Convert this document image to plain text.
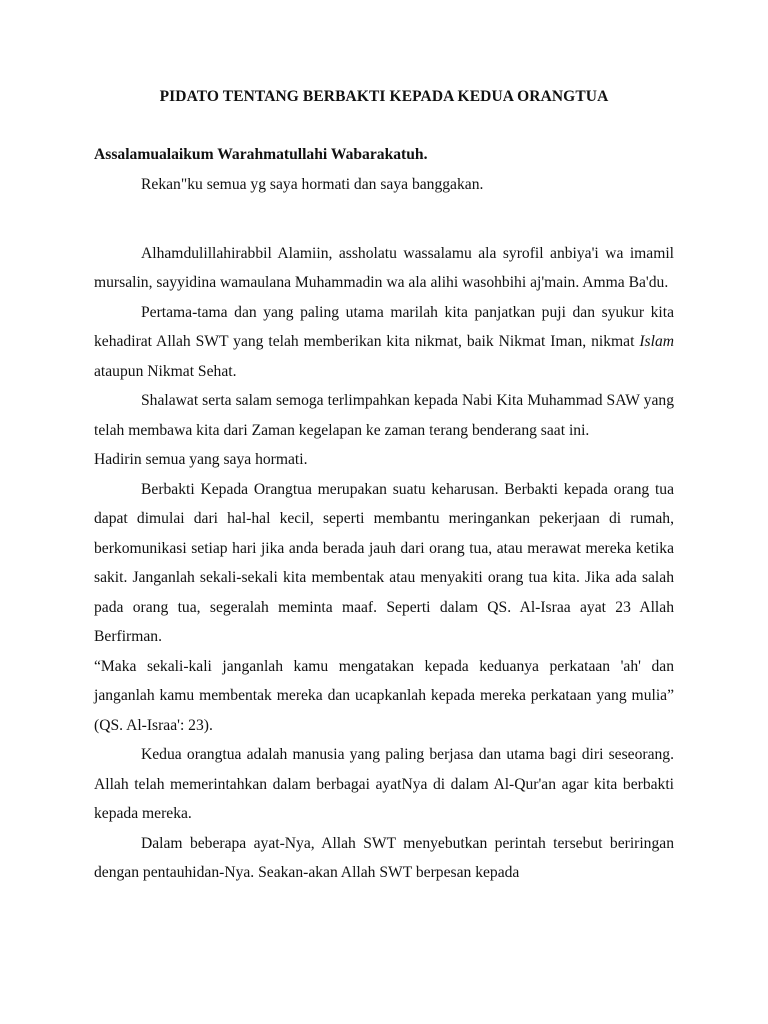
PIDATO TENTANG BERBAKTI KEPADA KEDUA ORANGTUA

Assalamualaikum Warahmatullahi Wabarakatuh.

Rekan"ku semua yg saya hormati dan saya banggakan.

Alhamdulillahirabbil Alamiin, assholatu wassalamu ala syrofil anbiya'i wa imamil mursalin, sayyidina wamaulana Muhammadin wa ala alihi wasohbihi aj'main. Amma Ba'du.

Pertama-tama dan yang paling utama marilah kita panjatkan puji dan syukur kita kehadirat Allah SWT yang telah memberikan kita nikmat, baik Nikmat Iman, nikmat Islam ataupun Nikmat Sehat.

Shalawat serta salam semoga terlimpahkan kepada Nabi Kita Muhammad SAW yang telah membawa kita dari Zaman kegelapan ke zaman terang benderang saat ini.

Hadirin semua yang saya hormati.

Berbakti Kepada Orangtua merupakan suatu keharusan. Berbakti kepada orang tua dapat dimulai dari hal-hal kecil, seperti membantu meringankan pekerjaan di rumah, berkomunikasi setiap hari jika anda berada jauh dari orang tua, atau merawat mereka ketika sakit. Janganlah sekali-sekali kita membentak atau menyakiti orang tua kita. Jika ada salah pada orang tua, segeralah meminta maaf. Seperti dalam QS. Al-Israa ayat 23 Allah Berfirman.

“Maka sekali-kali janganlah kamu mengatakan kepada keduanya perkataan 'ah' dan janganlah kamu membentak mereka dan ucapkanlah kepada mereka perkataan yang mulia” (QS. Al-Israa': 23).

Kedua orangtua adalah manusia yang paling berjasa dan utama bagi diri seseorang. Allah telah memerintahkan dalam berbagai ayatNya di dalam Al-Qur'an agar kita berbakti kepada mereka.

Dalam beberapa ayat-Nya, Allah SWT menyebutkan perintah tersebut beriringan dengan pentauhidan-Nya. Seakan-akan Allah SWT berpesan kepada
